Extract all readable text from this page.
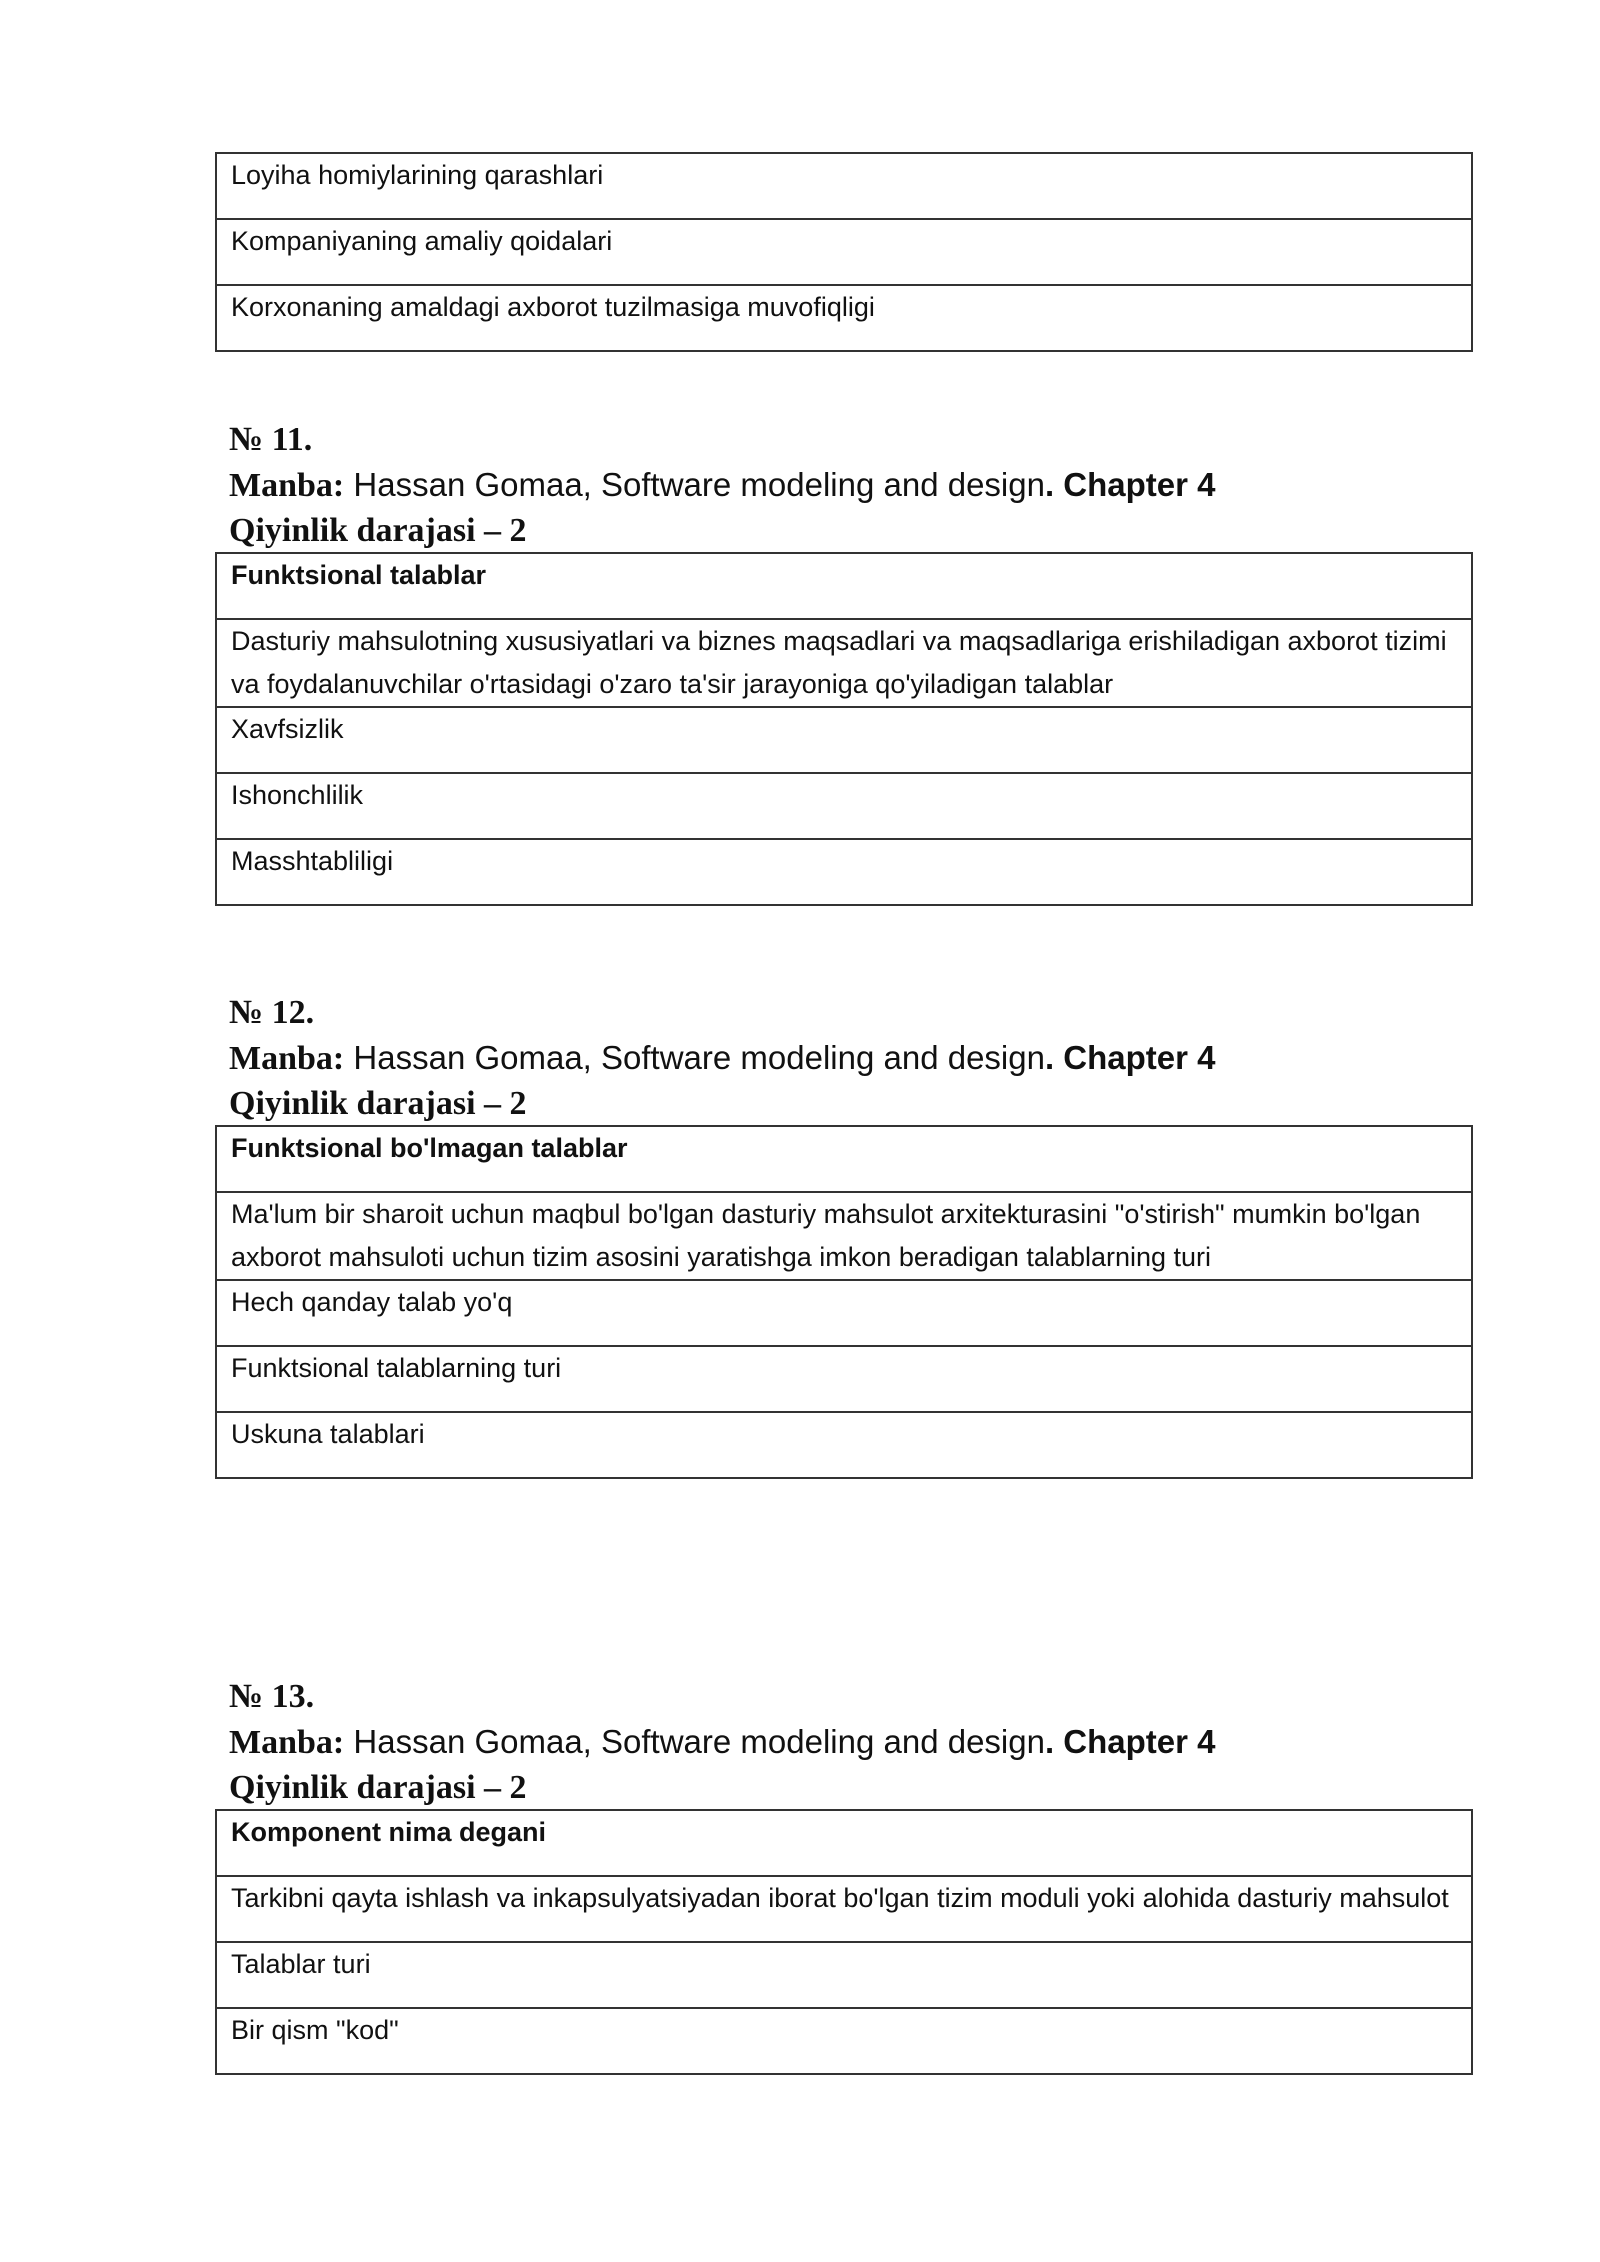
Loyiha homiylarining qarashlari
Kompaniyaning amaliy qoidalari
Korxonaning amaldagi axborot tuzilmasiga muvofiqligi
№ 11.
Manba: Hassan Gomaa, Software modeling and design. Chapter 4
Qiyinlik darajasi – 2
Funktsional talablar
Dasturiy mahsulotning xususiyatlari va biznes maqsadlari va maqsadlariga erishiladigan axborot tizimi va foydalanuvchilar o'rtasidagi o'zaro ta'sir jarayoniga qo'yiladigan talablar
Xavfsizlik
Ishonchlilik
Masshtabliligi
№ 12.
Manba: Hassan Gomaa, Software modeling and design. Chapter 4
Qiyinlik darajasi – 2
Funktsional bo'lmagan talablar
Ma'lum bir sharoit uchun maqbul bo'lgan dasturiy mahsulot arxitekturasini "o'stirish" mumkin bo'lgan axborot mahsuloti uchun tizim asosini yaratishga imkon beradigan talablarning turi
Hech qanday talab yo'q
Funktsional talablarning turi
Uskuna talablari
№ 13.
Manba: Hassan Gomaa, Software modeling and design. Chapter 4
Qiyinlik darajasi – 2
Komponent nima degani
Tarkibni qayta ishlash va inkapsulyatsiyadan iborat bo'lgan tizim moduli yoki alohida dasturiy mahsulot
Talablar turi
Bir qism "kod"
